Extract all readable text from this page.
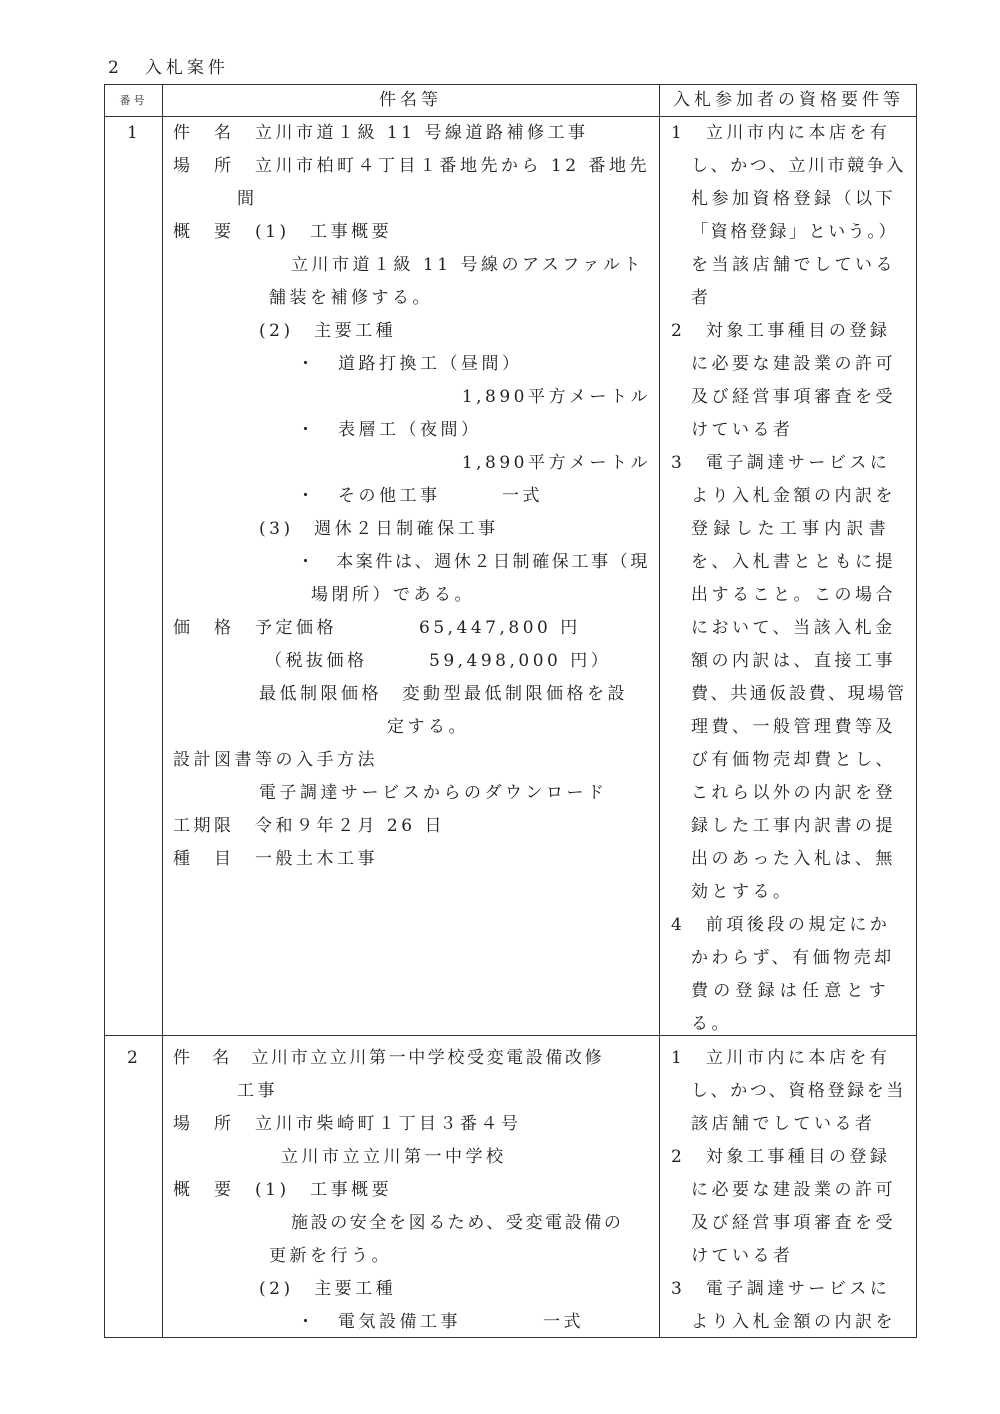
2 入札案件
番号	件名等	入札参加者の資格要件等
1 件　名　立川市道１級 11 号線道路補修工事
場　所　立川市柏町４丁目１番地先から 12 番地先
間
概　要　(1)　工事概要
立川市道１級 11 号線のアスファルト
舗装を補修する。
(2)　主要工種
・　道路打換工（昼間）
1,890平方メートル
・　表層工（夜間）
1,890平方メートル
・　その他工事　　　一式
(3)　週休２日制確保工事
・　本案件は、週休２日制確保工事（現
場閉所）である。
価　格　予定価格　　　　65,447,800 円
（税抜価格　　　59,498,000 円）
最低制限価格　変動型最低制限価格を設
定する。
設計図書等の入手方法
電子調達サービスからのダウンロード
工期限　令和９年２月 26 日
種　目　一般土木工事
1　立川市内に本店を有
し、かつ、立川市競争入
札参加資格登録（以下
「資格登録」という。）
を当該店舗でしている
者
2　対象工事種目の登録
に必要な建設業の許可
及び経営事項審査を受
けている者
3　電子調達サービスに
より入札金額の内訳を
登録した工事内訳書
を、入札書とともに提
出すること。この場合
において、当該入札金
額の内訳は、直接工事
費、共通仮設費、現場管
理費、一般管理費等及
び有価物売却費とし、
これら以外の内訳を登
録した工事内訳書の提
出のあった入札は、無
効とする。
4　前項後段の規定にか
かわらず、有価物売却
費の登録は任意とす
る。
2 件　名　立川市立立川第一中学校受変電設備改修
工事
場　所　立川市柴崎町１丁目３番４号
立川市立立川第一中学校
概　要　(1)　工事概要
施設の安全を図るため、受変電設備の
更新を行う。
(2)　主要工種
・　電気設備工事　　　　一式
1　立川市内に本店を有
し、かつ、資格登録を当
該店舗でしている者
2　対象工事種目の登録
に必要な建設業の許可
及び経営事項審査を受
けている者
3　電子調達サービスに
より入札金額の内訳を
